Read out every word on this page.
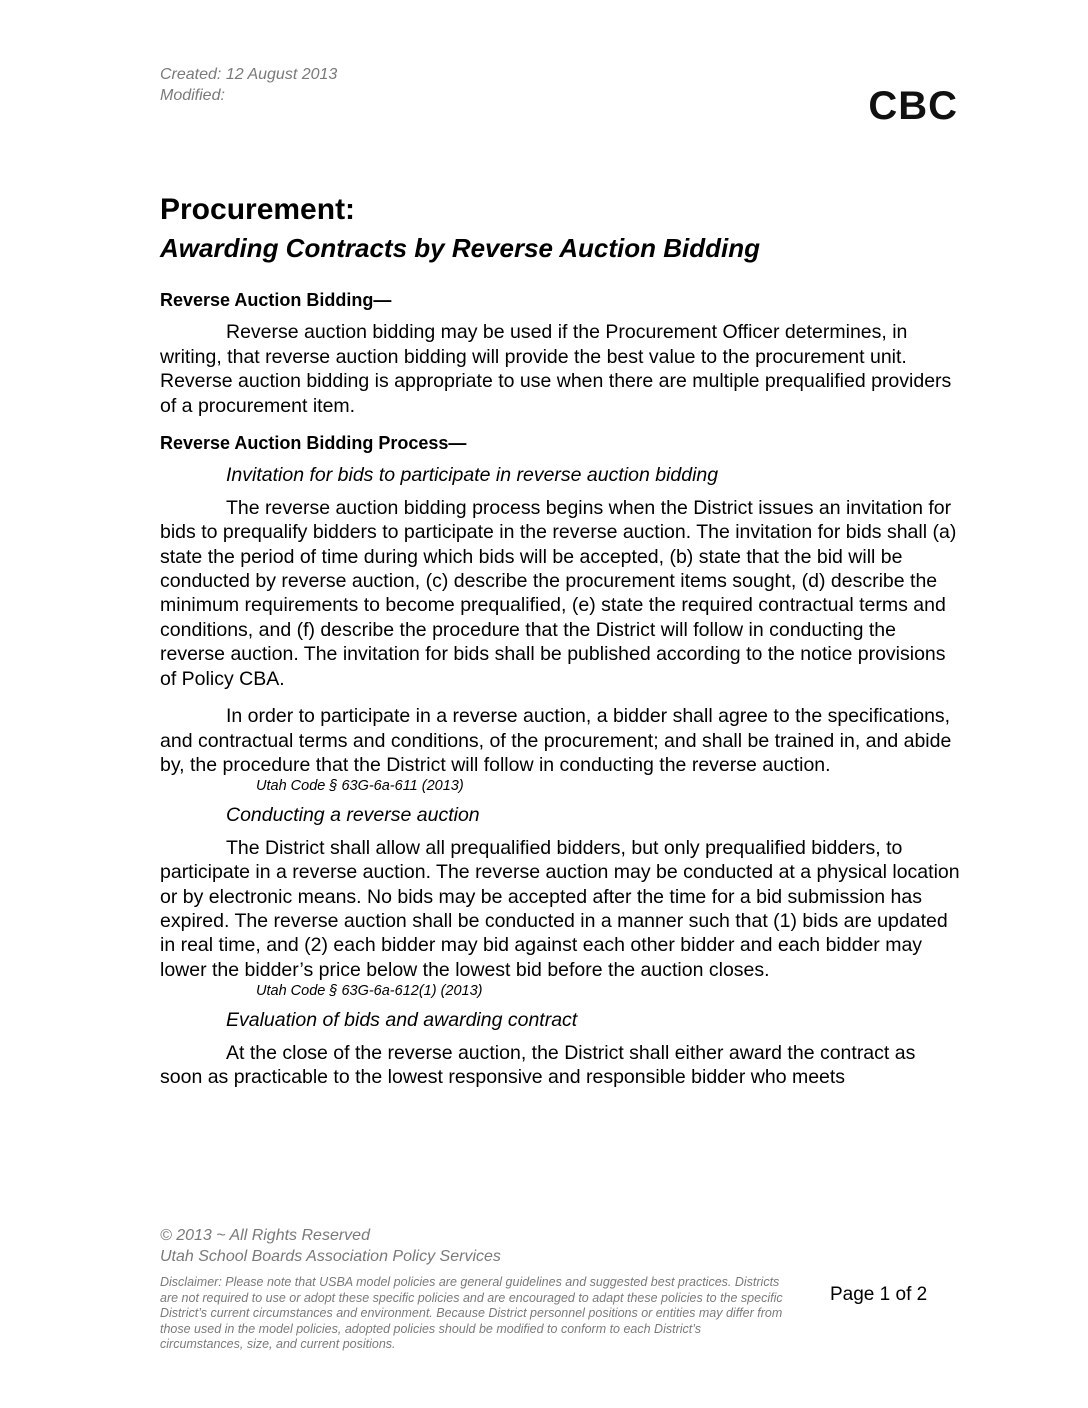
Created: 12 August 2013
Modified:	CBC
Procurement:
Awarding Contracts by Reverse Auction Bidding
Reverse Auction Bidding—

Reverse auction bidding may be used if the Procurement Officer determines, in writing, that reverse auction bidding will provide the best value to the procurement unit. Reverse auction bidding is appropriate to use when there are multiple prequalified providers of a procurement item.

Reverse Auction Bidding Process—
Invitation for bids to participate in reverse auction bidding

The reverse auction bidding process begins when the District issues an invitation for bids to prequalify bidders to participate in the reverse auction. The invitation for bids shall (a) state the period of time during which bids will be accepted, (b) state that the bid will be conducted by reverse auction, (c) describe the procurement items sought, (d) describe the minimum requirements to become prequalified, (e) state the required contractual terms and conditions, and (f) describe the procedure that the District will follow in conducting the reverse auction. The invitation for bids shall be published according to the notice provisions of Policy CBA.

In order to participate in a reverse auction, a bidder shall agree to the specifications, and contractual terms and conditions, of the procurement; and shall be trained in, and abide by, the procedure that the District will follow in conducting the reverse auction.

Utah Code § 63G-6a-611 (2013)
Conducting a reverse auction

The District shall allow all prequalified bidders, but only prequalified bidders, to participate in a reverse auction. The reverse auction may be conducted at a physical location or by electronic means. No bids may be accepted after the time for a bid submission has expired. The reverse auction shall be conducted in a manner such that (1) bids are updated in real time, and (2) each bidder may bid against each other bidder and each bidder may lower the bidder’s price below the lowest bid before the auction closes.

Utah Code § 63G-6a-612(1) (2013)
Evaluation of bids and awarding contract

At the close of the reverse auction, the District shall either award the contract as soon as practicable to the lowest responsive and responsible bidder who meets

© 2013 ~ All Rights Reserved
Utah School Boards Association Policy Services
Disclaimer: Please note that USBA model policies are general guidelines and suggested best practices. Districts are not required to use or adopt these specific policies and are encouraged to adapt these policies to the specific District’s current circumstances and environment. Because District personnel positions or entities may differ from those used in the model policies, adopted policies should be modified to conform to each District’s circumstances, size, and current positions.
Page 1 of 2
